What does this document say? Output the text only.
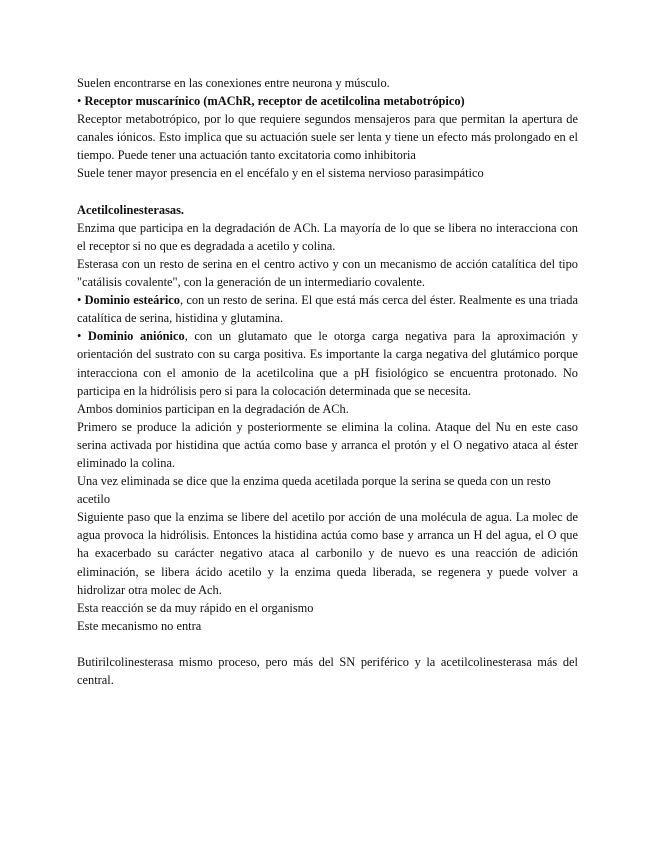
Suelen encontrarse en las conexiones entre neurona y músculo.

• Receptor muscarínico (mAChR, receptor de acetilcolina metabotrópico)

Receptor metabotrópico, por lo que requiere segundos mensajeros para que permitan la apertura de canales iónicos. Esto implica que su actuación suele ser lenta y tiene un efecto más prolongado en el tiempo. Puede tener una actuación tanto excitatoria como inhibitoria

Suele tener mayor presencia en el encéfalo y en el sistema nervioso parasimpático

Acetilcolinesterasas.

Enzima que participa en la degradación de ACh. La mayoría de lo que se libera no interacciona con el receptor si no que es degradada a acetilo y colina.

Esterasa con un resto de serina en el centro activo y con un mecanismo de acción catalítica del tipo "catálisis covalente", con la generación de un intermediario covalente.

• Dominio esteárico, con un resto de serina. El que está más cerca del éster. Realmente es una triada catalítica de serina, histidina y glutamina.

• Dominio aniónico, con un glutamato que le otorga carga negativa para la aproximación y orientación del sustrato con su carga positiva. Es importante la carga negativa del glutámico porque interacciona con el amonio de la acetilcolina que a pH fisiológico se encuentra protonado. No participa en la hidrólisis pero si para la colocación determinada que se necesita.

Ambos dominios participan en la degradación de ACh.

Primero se produce la adición y posteriormente se elimina la colina. Ataque del Nu en este caso serina activada por histidina que actúa como base y arranca el protón y el O negativo ataca al éster eliminado la colina.

Una vez eliminada se dice que la enzima queda acetilada porque la serina se queda con un resto acetilo

Siguiente paso que la enzima se libere del acetilo por acción de una molécula de agua. La molec de agua provoca la hidrólisis. Entonces la histidina actúa como base y arranca un H del agua, el O que ha exacerbado su carácter negativo ataca al carbonilo y de nuevo es una reacción de adición eliminación, se libera ácido acetilo y la enzima queda liberada, se regenera y puede volver a hidrolizar otra molec de Ach.

Esta reacción se da muy rápido en el organismo

Este mecanismo no entra

Butirilcolinesterasa mismo proceso, pero más del SN periférico y la acetilcolinesterasa más del central.
